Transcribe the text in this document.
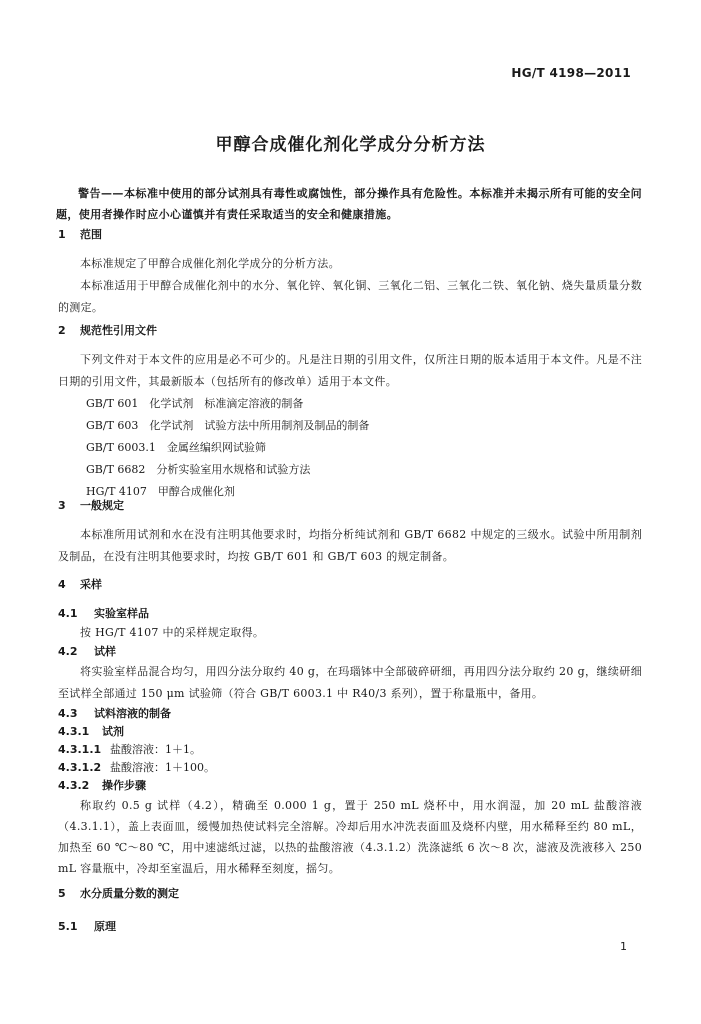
HG/T 4198—2011
甲醇合成催化剂化学成分分析方法
警告——本标准中使用的部分试剂具有毒性或腐蚀性，部分操作具有危险性。本标准并未揭示所有可能的安全问题，使用者操作时应小心谨慎并有责任采取适当的安全和健康措施。
1 范围
本标准规定了甲醇合成催化剂化学成分的分析方法。
本标准适用于甲醇合成催化剂中的水分、氧化锌、氧化铜、三氧化二铝、三氧化二铁、氧化钠、烧失量质量分数的测定。
2 规范性引用文件
下列文件对于本文件的应用是必不可少的。凡是注日期的引用文件，仅所注日期的版本适用于本文件。凡是不注日期的引用文件，其最新版本（包括所有的修改单）适用于本文件。
GB/T 601　化学试剂　标准滴定溶液的制备
GB/T 603　化学试剂　试验方法中所用制剂及制品的制备
GB/T 6003.1　金属丝编织网试验筛
GB/T 6682　分析实验室用水规格和试验方法
HG/T 4107　甲醇合成催化剂
3 一般规定
本标准所用试剂和水在没有注明其他要求时，均指分析纯试剂和 GB/T 6682 中规定的三级水。试验中所用制剂及制品，在没有注明其他要求时，均按 GB/T 601 和 GB/T 603 的规定制备。
4 采样
4.1 实验室样品
按 HG/T 4107 中的采样规定取得。
4.2 试样
将实验室样品混合均匀，用四分法分取约 40 g，在玛瑙钵中全部破碎研细，再用四分法分取约 20 g，继续研细至试样全部通过 150 μm 试验筛（符合 GB/T 6003.1 中 R40/3 系列），置于称量瓶中，备用。
4.3 试料溶液的制备
4.3.1 试剂
4.3.1.1 盐酸溶液：1＋1。
4.3.1.2 盐酸溶液：1＋100。
4.3.2 操作步骤
称取约 0.5 g 试样（4.2），精确至 0.000 1 g，置于 250 mL 烧杯中，用水润湿，加 20 mL 盐酸溶液（4.3.1.1），盖上表面皿，缓慢加热使试料完全溶解。冷却后用水冲洗表面皿及烧杯内壁，用水稀释至约 80 mL，加热至 60 ℃～80 ℃，用中速滤纸过滤，以热的盐酸溶液（4.3.1.2）洗涤滤纸 6 次～8 次，滤液及洗液移入 250 mL 容量瓶中，冷却至室温后，用水稀释至刻度，摇匀。
5 水分质量分数的测定
5.1 原理
1
